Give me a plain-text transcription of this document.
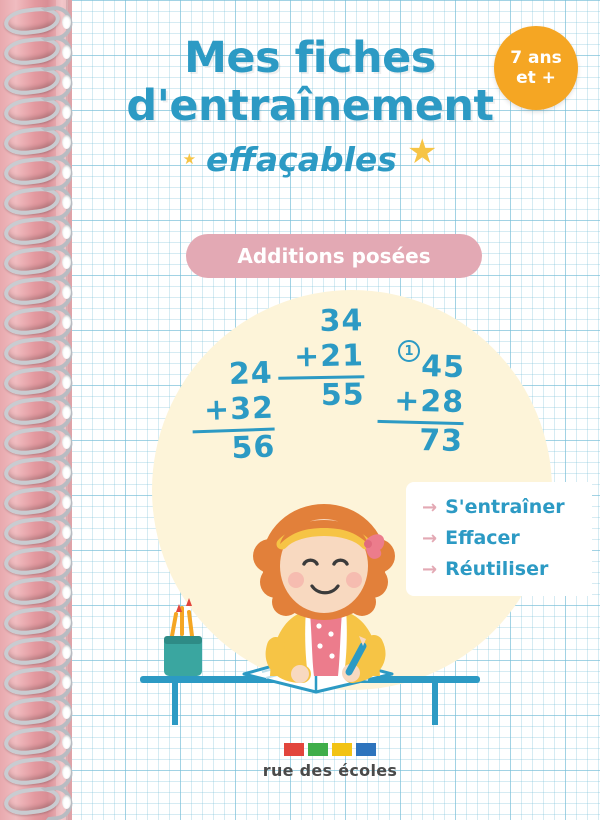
Mes fiches
d'entraînement
★ effaçables ★
7 ans
et +
Additions posées
24
+32
56
34
+21
55
1 45
+28
73
→ S'entraîner
→ Effacer
→ Réutiliser
rue des écoles
